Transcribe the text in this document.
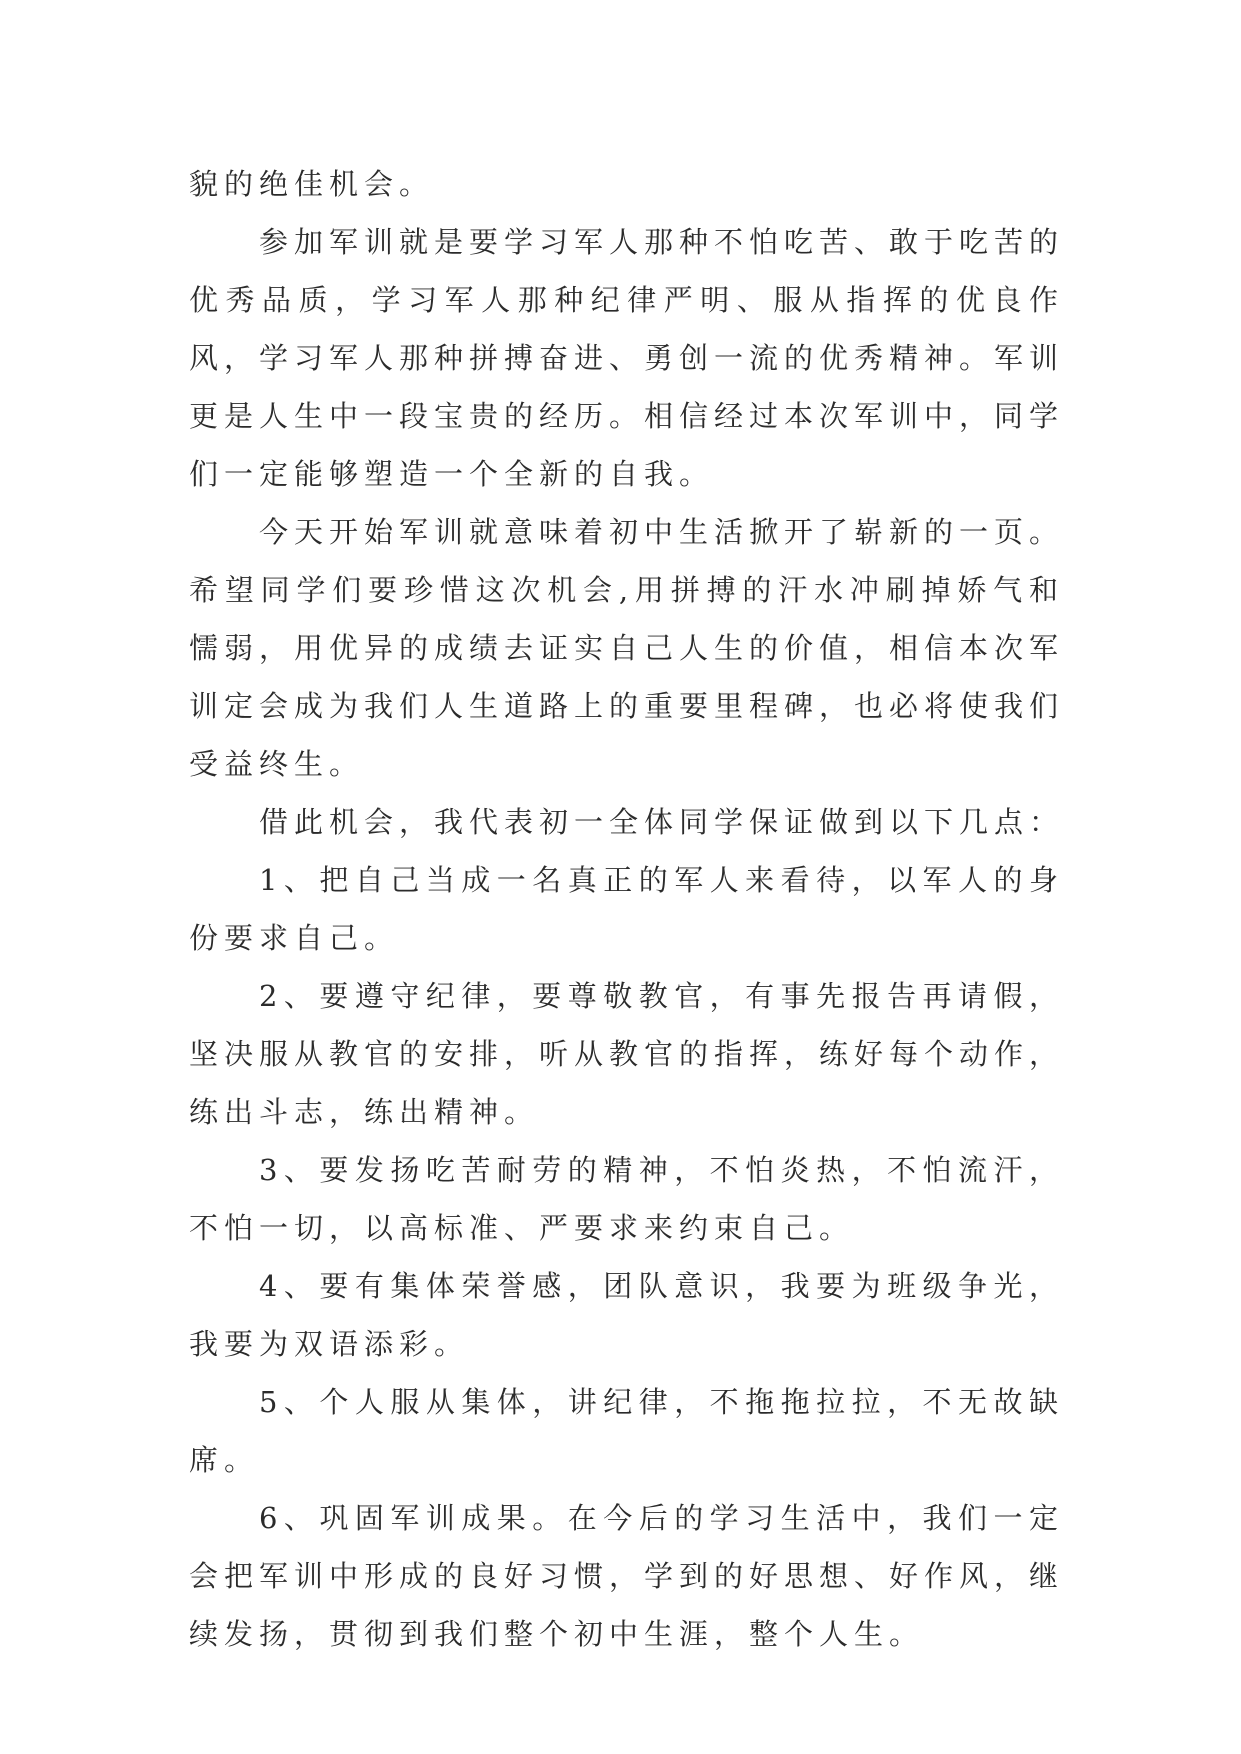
貌的绝佳机会。

参加军训就是要学习军人那种不怕吃苦、敢于吃苦的优秀品质，学习军人那种纪律严明、服从指挥的优良作风，学习军人那种拼搏奋进、勇创一流的优秀精神。军训更是人生中一段宝贵的经历。相信经过本次军训中，同学们一定能够塑造一个全新的自我。

今天开始军训就意味着初中生活掀开了崭新的一页。希望同学们要珍惜这次机会,用拼搏的汗水冲刷掉娇气和懦弱，用优异的成绩去证实自己人生的价值，相信本次军训定会成为我们人生道路上的重要里程碑，也必将使我们受益终生。

借此机会，我代表初一全体同学保证做到以下几点：

1、把自己当成一名真正的军人来看待，以军人的身份要求自己。

2、要遵守纪律，要尊敬教官，有事先报告再请假，坚决服从教官的安排，听从教官的指挥，练好每个动作，练出斗志，练出精神。

3、要发扬吃苦耐劳的精神，不怕炎热，不怕流汗，不怕一切，以高标准、严要求来约束自己。

4、要有集体荣誉感，团队意识，我要为班级争光，我要为双语添彩。

5、个人服从集体，讲纪律，不拖拖拉拉，不无故缺席。

6、巩固军训成果。在今后的学习生活中，我们一定会把军训中形成的良好习惯，学到的好思想、好作风，继续发扬，贯彻到我们整个初中生涯，整个人生。
